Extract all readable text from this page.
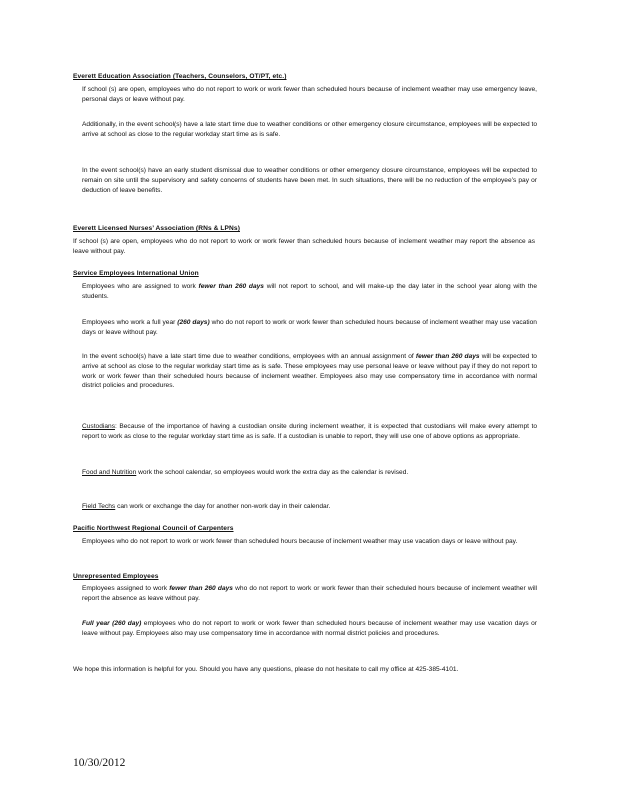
Everett Education Association (Teachers, Counselors, OT/PT, etc.)
If school (s) are open, employees who do not report to work or work fewer than scheduled hours because of inclement weather may use emergency leave, personal days or leave without pay.
Additionally, in the event school(s) have a late start time due to weather conditions or other emergency closure circumstance, employees will be expected to arrive at school as close to the regular workday start time as is safe.
In the event school(s) have an early student dismissal due to weather conditions or other emergency closure circumstance, employees will be expected to remain on site until the supervisory and safety concerns of students have been met. In such situations, there will be no reduction of the employee’s pay or deduction of leave benefits.
Everett Licensed Nurses’ Association (RNs & LPNs)
If school (s) are open, employees who do not report to work or work fewer than scheduled hours because of inclement weather may report the absence as leave without pay.
Service Employees International Union
Employees who are assigned to work fewer than 260 days will not report to school, and will make-up the day later in the school year along with the students.
Employees who work a full year (260 days) who do not report to work or work fewer than scheduled hours because of inclement weather may use vacation days or leave without pay.
In the event school(s) have a late start time due to weather conditions, employees with an annual assignment of fewer than 260 days will be expected to arrive at school as close to the regular workday start time as is safe. These employees may use personal leave or leave without pay if they do not report to work or work fewer than their scheduled hours because of inclement weather. Employees also may use compensatory time in accordance with normal district policies and procedures.
Custodians: Because of the importance of having a custodian onsite during inclement weather, it is expected that custodians will make every attempt to report to work as close to the regular workday start time as is safe. If a custodian is unable to report, they will use one of above options as appropriate.
Food and Nutrition work the school calendar, so employees would work the extra day as the calendar is revised.
Field Techs can work or exchange the day for another non-work day in their calendar.
Pacific Northwest Regional Council of Carpenters
Employees who do not report to work or work fewer than scheduled hours because of inclement weather may use vacation days or leave without pay.
Unrepresented Employees
Employees assigned to work fewer than 260 days who do not report to work or work fewer than their scheduled hours because of inclement weather will report the absence as leave without pay.
Full year (260 day) employees who do not report to work or work fewer than scheduled hours because of inclement weather may use vacation days or leave without pay. Employees also may use compensatory time in accordance with normal district policies and procedures.
We hope this information is helpful for you. Should you have any questions, please do not hesitate to call my office at 425-385-4101.
10/30/2012
